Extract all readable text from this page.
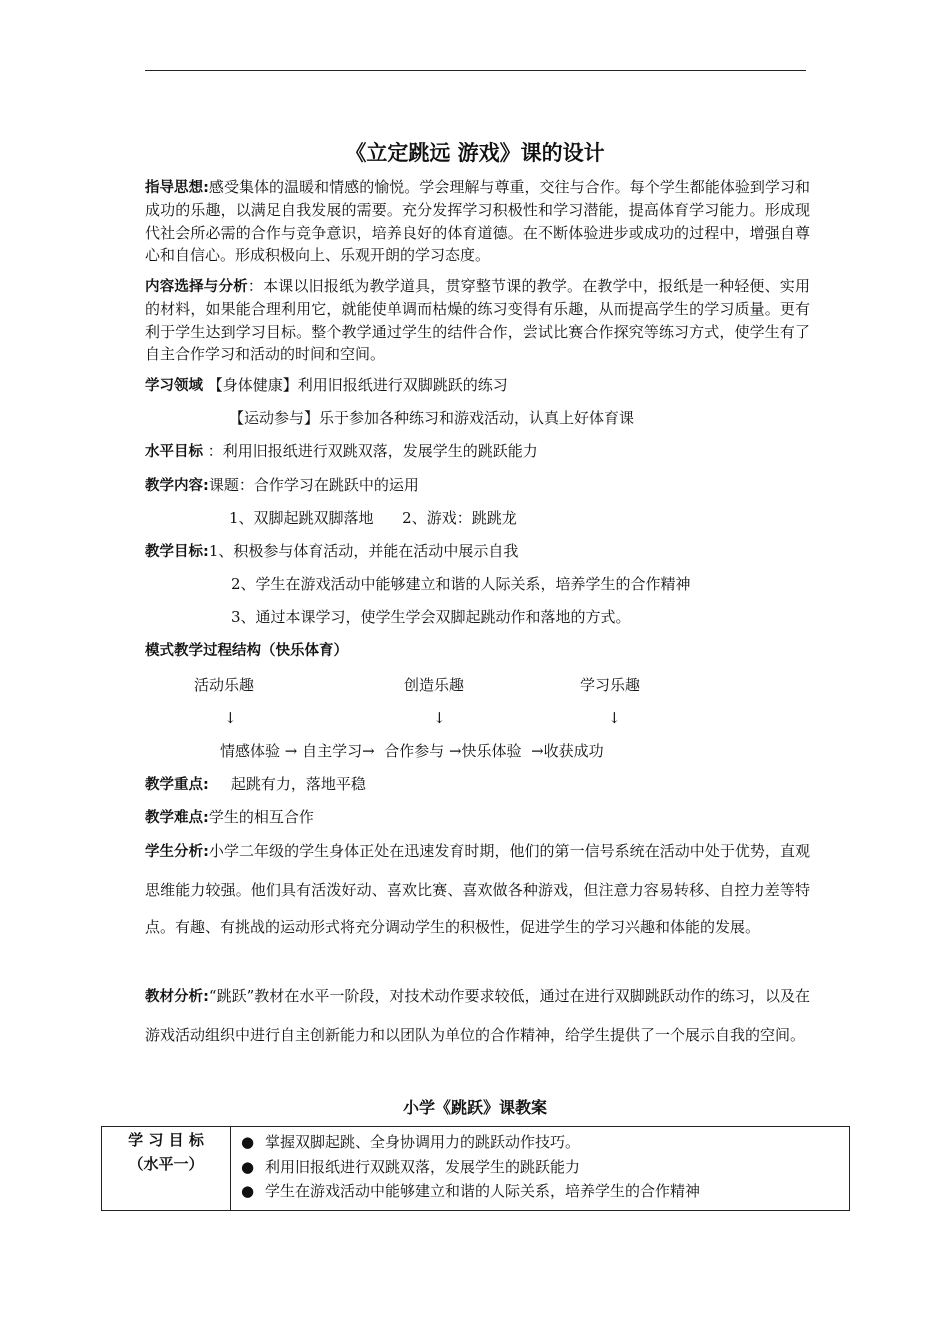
《立定跳远 游戏》课的设计
指导思想:感受集体的温暖和情感的愉悦。学会理解与尊重，交往与合作。每个学生都能体验到学习和成功的乐趣，以满足自我发展的需要。充分发挥学习积极性和学习潜能，提高体育学习能力。形成现代社会所必需的合作与竞争意识，培养良好的体育道德。在不断体验进步或成功的过程中，增强自尊心和自信心。形成积极向上、乐观开朗的学习态度。
内容选择与分析：本课以旧报纸为教学道具，贯穿整节课的教学。在教学中，报纸是一种轻便、实用的材料，如果能合理利用它，就能使单调而枯燥的练习变得有乐趣，从而提高学生的学习质量。更有利于学生达到学习目标。整个教学通过学生的结件合作，尝试比赛合作探究等练习方式，使学生有了自主合作学习和活动的时间和空间。
学习领域 【身体健康】利用旧报纸进行双脚跳跃的练习
【运动参与】乐于参加各种练习和游戏活动，认真上好体育课
水平目标 ：利用旧报纸进行双跳双落，发展学生的跳跃能力
教学内容:课题：合作学习在跳跃中的运用
1、双脚起跳双脚落地      2、游戏：跳跳龙
教学目标:1、积极参与体育活动，并能在活动中展示自我
2、学生在游戏活动中能够建立和谐的人际关系，培养学生的合作精神
3、通过本课学习，使学生学会双脚起跳动作和落地的方式。
模式教学过程结构（快乐体育）
活动乐趣	创造乐趣	学习乐趣
↓	↓	↓
情感体验 → 自主学习→  合作参与 →快乐体验  →收获成功
教学重点: 起跳有力，落地平稳
教学难点:学生的相互合作
学生分析:小学二年级的学生身体正处在迅速发育时期，他们的第一信号系统在活动中处于优势，直观思维能力较强。他们具有活泼好动、喜欢比赛、喜欢做各种游戏，但注意力容易转移、自控力差等特点。有趣、有挑战的运动形式将充分调动学生的积极性，促进学生的学习兴趣和体能的发展。
教材分析:“跳跃”教材在水平一阶段，对技术动作要求较低，通过在进行双脚跳跃动作的练习，以及在游戏活动组织中进行自主创新能力和以团队为单位的合作精神，给学生提供了一个展示自我的空间。
小学《跳跃》课教案
学 习 目 标
（水平一）

● 掌握双脚起跳、全身协调用力的跳跃动作技巧。
● 利用旧报纸进行双跳双落，发展学生的跳跃能力
● 学生在游戏活动中能够建立和谐的人际关系，培养学生的合作精神
